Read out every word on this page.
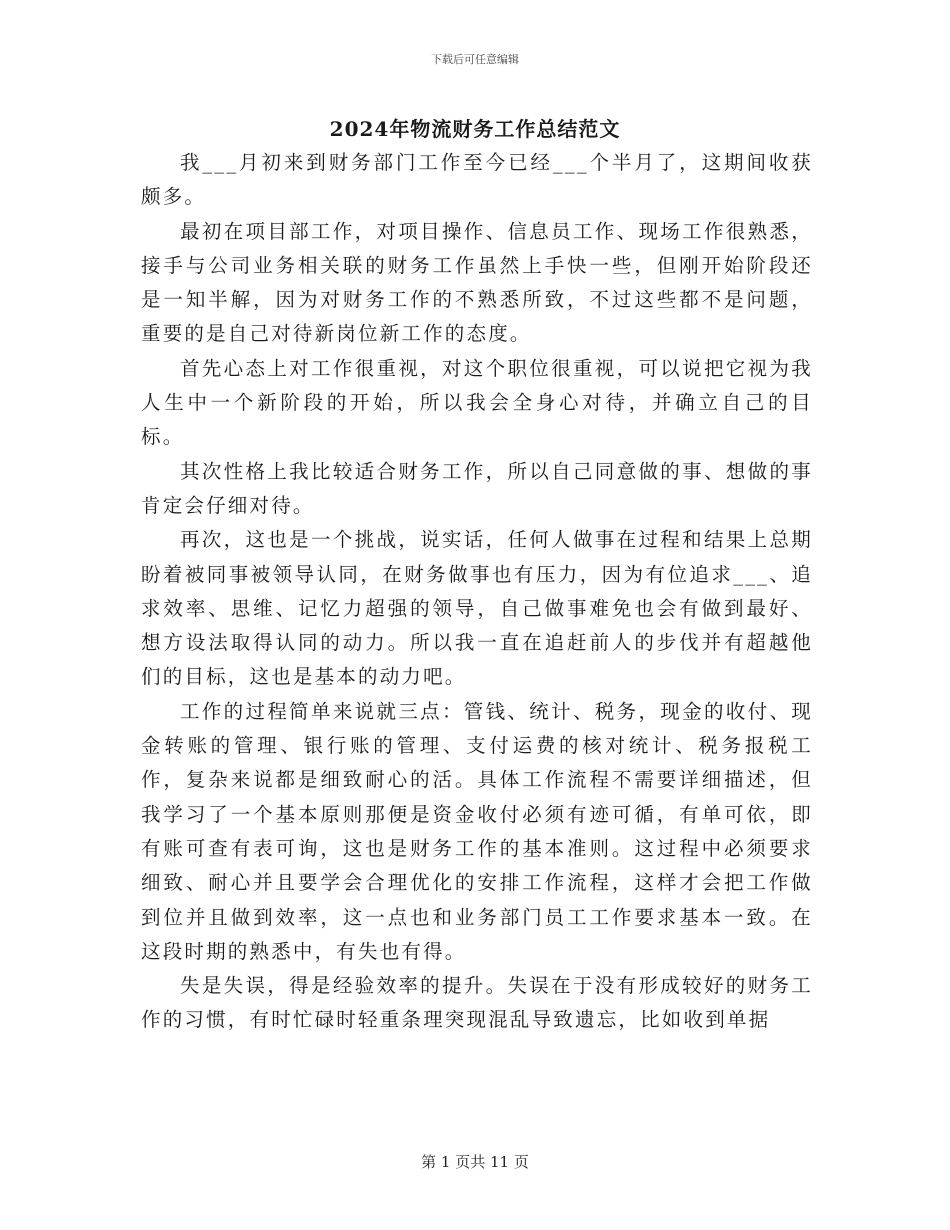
下载后可任意编辑
2024年物流财务工作总结范文

我___月初来到财务部门工作至今已经___个半月了，这期间收获颇多。

最初在项目部工作，对项目操作、信息员工作、现场工作很熟悉，接手与公司业务相关联的财务工作虽然上手快一些，但刚开始阶段还是一知半解，因为对财务工作的不熟悉所致，不过这些都不是问题，重要的是自己对待新岗位新工作的态度。

首先心态上对工作很重视，对这个职位很重视，可以说把它视为我人生中一个新阶段的开始，所以我会全身心对待，并确立自己的目标。

其次性格上我比较适合财务工作，所以自己同意做的事、想做的事肯定会仔细对待。

再次，这也是一个挑战，说实话，任何人做事在过程和结果上总期盼着被同事被领导认同，在财务做事也有压力，因为有位追求___、追求效率、思维、记忆力超强的领导，自己做事难免也会有做到最好、想方设法取得认同的动力。所以我一直在追赶前人的步伐并有超越他们的目标，这也是基本的动力吧。

工作的过程简单来说就三点：管钱、统计、税务，现金的收付、现金转账的管理、银行账的管理、支付运费的核对统计、税务报税工作，复杂来说都是细致耐心的活。具体工作流程不需要详细描述，但我学习了一个基本原则那便是资金收付必须有迹可循，有单可依，即有账可查有表可询，这也是财务工作的基本准则。这过程中必须要求细致、耐心并且要学会合理优化的安排工作流程，这样才会把工作做到位并且做到效率，这一点也和业务部门员工工作要求基本一致。在这段时期的熟悉中，有失也有得。

失是失误，得是经验效率的提升。失误在于没有形成较好的财务工作的习惯，有时忙碌时轻重条理突现混乱导致遗忘，比如收到单据

第 1 页共 11 页
